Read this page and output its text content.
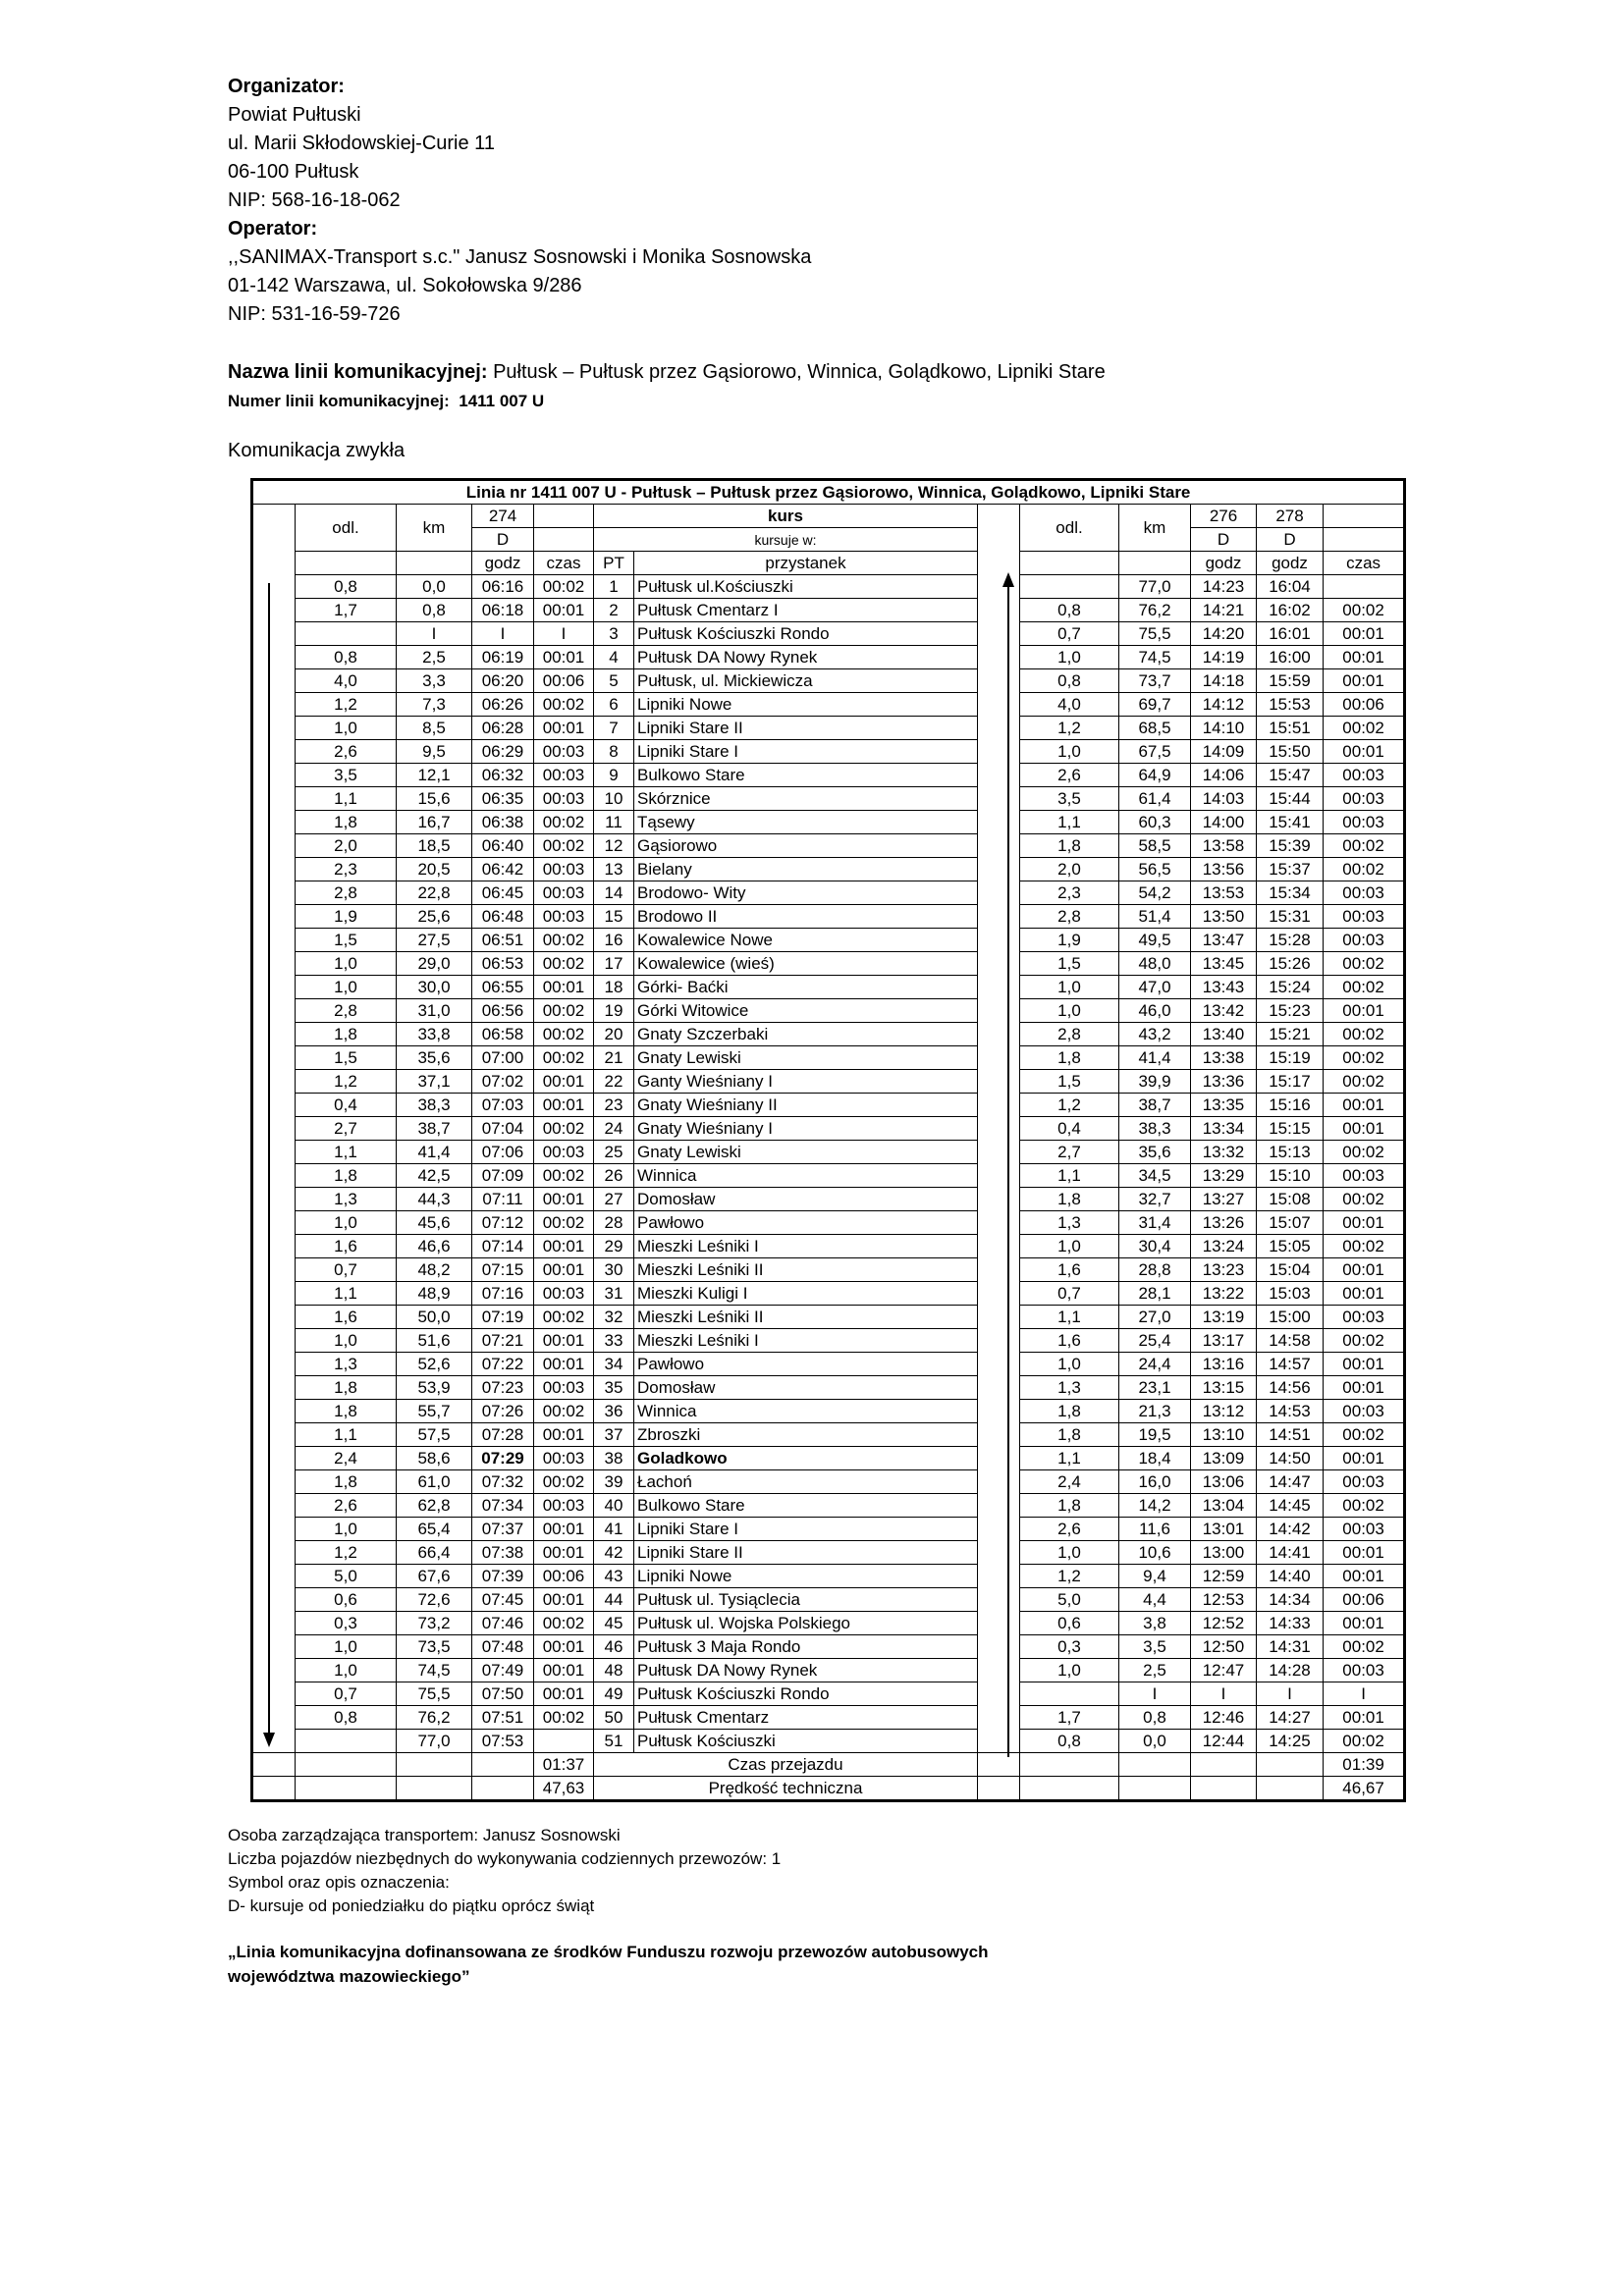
Organizator:
Powiat Pułtuski
ul. Marii Skłodowskiej-Curie 11
06-100 Pułtusk
NIP: 568-16-18-062
Operator:
,,SANIMAX-Transport s.c." Janusz Sosnowski i Monika Sosnowska
01-142 Warszawa, ul. Sokołowska 9/286
NIP: 531-16-59-726
Nazwa linii komunikacyjnej: Pułtusk – Pułtusk przez Gąsiorowo, Winnica, Golądkowo, Lipniki Stare
Numer linii komunikacyjnej: 1411 007 U
Komunikacja zwykła
Linia nr 1411 007 U - Pułtusk – Pułtusk przez Gąsiorowo, Winnica, Golądkowo, Lipniki Stare												
	odl.	km	274		kurs			odl.	km	276	278	
			D		kursuje w:					D	D	
			godz	czas	PT	przystanek				godz	godz	czas
	0,8	0,0	06:16	00:02	1	Pułtusk ul.Kościuszki			77,0	14:23	16:04	
	1,7	0,8	06:18	00:01	2	Pułtusk Cmentarz I		0,8	76,2	14:21	16:02	00:02
		I	I	I	3	Pułtusk Kościuszki Rondo		0,7	75,5	14:20	16:01	00:01
	0,8	2,5	06:19	00:01	4	Pułtusk DA Nowy Rynek		1,0	74,5	14:19	16:00	00:01
	4,0	3,3	06:20	00:06	5	Pułtusk, ul. Mickiewicza		0,8	73,7	14:18	15:59	00:01
	1,2	7,3	06:26	00:02	6	Lipniki Nowe		4,0	69,7	14:12	15:53	00:06
	1,0	8,5	06:28	00:01	7	Lipniki Stare II		1,2	68,5	14:10	15:51	00:02
	2,6	9,5	06:29	00:03	8	Lipniki Stare I		1,0	67,5	14:09	15:50	00:01
	3,5	12,1	06:32	00:03	9	Bulkowo Stare		2,6	64,9	14:06	15:47	00:03
	1,1	15,6	06:35	00:03	10	Skórznice		3,5	61,4	14:03	15:44	00:03
	1,8	16,7	06:38	00:02	11	Tąsewy		1,1	60,3	14:00	15:41	00:03
	2,0	18,5	06:40	00:02	12	Gąsiorowo		1,8	58,5	13:58	15:39	00:02
	2,3	20,5	06:42	00:03	13	Bielany		2,0	56,5	13:56	15:37	00:02
	2,8	22,8	06:45	00:03	14	Brodowo- Wity		2,3	54,2	13:53	15:34	00:03
	1,9	25,6	06:48	00:03	15	Brodowo II		2,8	51,4	13:50	15:31	00:03
	1,5	27,5	06:51	00:02	16	Kowalewice Nowe		1,9	49,5	13:47	15:28	00:03
	1,0	29,0	06:53	00:02	17	Kowalewice (wieś)		1,5	48,0	13:45	15:26	00:02
	1,0	30,0	06:55	00:01	18	Górki- Baćki		1,0	47,0	13:43	15:24	00:02
	2,8	31,0	06:56	00:02	19	Górki Witowice		1,0	46,0	13:42	15:23	00:01
	1,8	33,8	06:58	00:02	20	Gnaty Szczerbaki		2,8	43,2	13:40	15:21	00:02
	1,5	35,6	07:00	00:02	21	Gnaty Lewiski		1,8	41,4	13:38	15:19	00:02
	1,2	37,1	07:02	00:01	22	Ganty Wieśniany I		1,5	39,9	13:36	15:17	00:02
	0,4	38,3	07:03	00:01	23	Gnaty Wieśniany II		1,2	38,7	13:35	15:16	00:01
	2,7	38,7	07:04	00:02	24	Gnaty Wieśniany I		0,4	38,3	13:34	15:15	00:01
	1,1	41,4	07:06	00:03	25	Gnaty Lewiski		2,7	35,6	13:32	15:13	00:02
	1,8	42,5	07:09	00:02	26	Winnica		1,1	34,5	13:29	15:10	00:03
	1,3	44,3	07:11	00:01	27	Domosław		1,8	32,7	13:27	15:08	00:02
	1,0	45,6	07:12	00:02	28	Pawłowo		1,3	31,4	13:26	15:07	00:01
	1,6	46,6	07:14	00:01	29	Mieszki Leśniki I		1,0	30,4	13:24	15:05	00:02
	0,7	48,2	07:15	00:01	30	Mieszki Leśniki II		1,6	28,8	13:23	15:04	00:01
	1,1	48,9	07:16	00:03	31	Mieszki Kuligi I		0,7	28,1	13:22	15:03	00:01
	1,6	50,0	07:19	00:02	32	Mieszki Leśniki II		1,1	27,0	13:19	15:00	00:03
	1,0	51,6	07:21	00:01	33	Mieszki Leśniki I		1,6	25,4	13:17	14:58	00:02
	1,3	52,6	07:22	00:01	34	Pawłowo		1,0	24,4	13:16	14:57	00:01
	1,8	53,9	07:23	00:03	35	Domosław		1,3	23,1	13:15	14:56	00:01
	1,8	55,7	07:26	00:02	36	Winnica		1,8	21,3	13:12	14:53	00:03
	1,1	57,5	07:28	00:01	37	Zbroszki		1,8	19,5	13:10	14:51	00:02
	2,4	58,6	07:29	00:03	38	Goladkowo		1,1	18,4	13:09	14:50	00:01
	1,8	61,0	07:32	00:02	39	Łachoń		2,4	16,0	13:06	14:47	00:03
	2,6	62,8	07:34	00:03	40	Bulkowo Stare		1,8	14,2	13:04	14:45	00:02
	1,0	65,4	07:37	00:01	41	Lipniki Stare I		2,6	11,6	13:01	14:42	00:03
	1,2	66,4	07:38	00:01	42	Lipniki Stare II		1,0	10,6	13:00	14:41	00:01
	5,0	67,6	07:39	00:06	43	Lipniki Nowe		1,2	9,4	12:59	14:40	00:01
	0,6	72,6	07:45	00:01	44	Pułtusk ul. Tysiąclecia		5,0	4,4	12:53	14:34	00:06
	0,3	73,2	07:46	00:02	45	Pułtusk ul. Wojska Polskiego		0,6	3,8	12:52	14:33	00:01
	1,0	73,5	07:48	00:01	46	Pułtusk 3 Maja Rondo		0,3	3,5	12:50	14:31	00:02
	1,0	74,5	07:49	00:01	48	Pułtusk DA Nowy Rynek		1,0	2,5	12:47	14:28	00:03
	0,7	75,5	07:50	00:01	49	Pułtusk Kościuszki Rondo			I	I	I	I
	0,8	76,2	07:51	00:02	50	Pułtusk Cmentarz		1,7	0,8	12:46	14:27	00:01
		77,0	07:53		51	Pułtusk Kościuszki		0,8	0,0	12:44	14:25	00:02
				01:37	Czas przejazdu							01:39
				47,63	Prędkość techniczna							46,67
Osoba zarządzająca transportem: Janusz Sosnowski
Liczba pojazdów niezbędnych do wykonywania codziennych przewozów: 1
Symbol oraz opis oznaczenia:
D- kursuje od poniedziałku do piątku oprócz świąt
„Linia komunikacyjna dofinansowana ze środków Funduszu rozwoju przewozów autobusowych
województwa mazowieckiego”
